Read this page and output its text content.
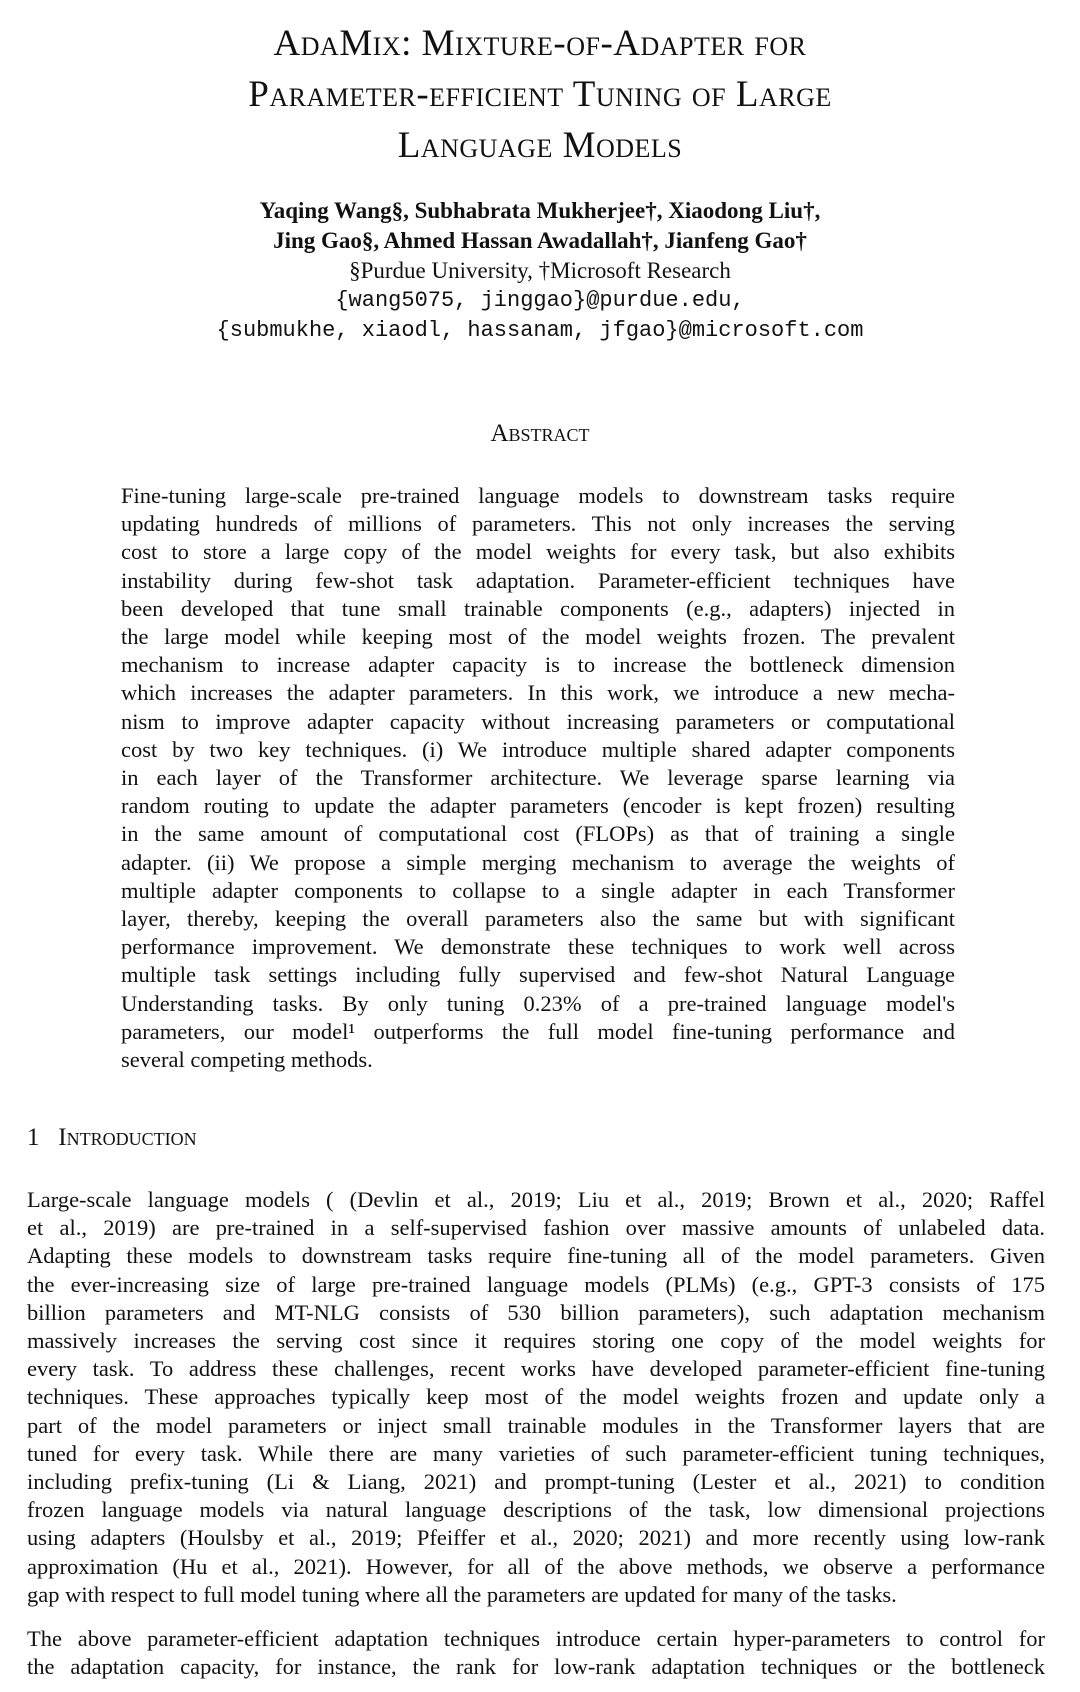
AdaMix: Mixture-of-Adapter for
Parameter-efficient Tuning of Large
Language Models
Yaqing Wang§, Subhabrata Mukherjee†, Xiaodong Liu†,
Jing Gao§, Ahmed Hassan Awadallah†, Jianfeng Gao†
§Purdue University, †Microsoft Research
{wang5075, jinggao}@purdue.edu,
{submukhe, xiaodl, hassanam, jfgao}@microsoft.com
Abstract
Fine-tuning large-scale pre-trained language models to downstream tasks require
updating hundreds of millions of parameters. This not only increases the serving
cost to store a large copy of the model weights for every task, but also exhibits
instability during few-shot task adaptation. Parameter-efficient techniques have
been developed that tune small trainable components (e.g., adapters) injected in
the large model while keeping most of the model weights frozen. The prevalent
mechanism to increase adapter capacity is to increase the bottleneck dimension
which increases the adapter parameters. In this work, we introduce a new mecha-
nism to improve adapter capacity without increasing parameters or computational
cost by two key techniques. (i) We introduce multiple shared adapter components
in each layer of the Transformer architecture. We leverage sparse learning via
random routing to update the adapter parameters (encoder is kept frozen) resulting
in the same amount of computational cost (FLOPs) as that of training a single
adapter. (ii) We propose a simple merging mechanism to average the weights of
multiple adapter components to collapse to a single adapter in each Transformer
layer, thereby, keeping the overall parameters also the same but with significant
performance improvement. We demonstrate these techniques to work well across
multiple task settings including fully supervised and few-shot Natural Language
Understanding tasks. By only tuning 0.23% of a pre-trained language model's
parameters, our model¹ outperforms the full model fine-tuning performance and
several competing methods.
1   Introduction
Large-scale language models ( (Devlin et al., 2019; Liu et al., 2019; Brown et al., 2020; Raffel
et al., 2019) are pre-trained in a self-supervised fashion over massive amounts of unlabeled data.
Adapting these models to downstream tasks require fine-tuning all of the model parameters. Given
the ever-increasing size of large pre-trained language models (PLMs) (e.g., GPT-3 consists of 175
billion parameters and MT-NLG consists of 530 billion parameters), such adaptation mechanism
massively increases the serving cost since it requires storing one copy of the model weights for
every task. To address these challenges, recent works have developed parameter-efficient fine-tuning
techniques. These approaches typically keep most of the model weights frozen and update only a
part of the model parameters or inject small trainable modules in the Transformer layers that are
tuned for every task. While there are many varieties of such parameter-efficient tuning techniques,
including prefix-tuning (Li & Liang, 2021) and prompt-tuning (Lester et al., 2021) to condition
frozen language models via natural language descriptions of the task, low dimensional projections
using adapters (Houlsby et al., 2019; Pfeiffer et al., 2020; 2021) and more recently using low-rank
approximation (Hu et al., 2021). However, for all of the above methods, we observe a performance
gap with respect to full model tuning where all the parameters are updated for many of the tasks.
The above parameter-efficient adaptation techniques introduce certain hyper-parameters to control for
the adaptation capacity, for instance, the rank for low-rank adaptation techniques or the bottleneck
